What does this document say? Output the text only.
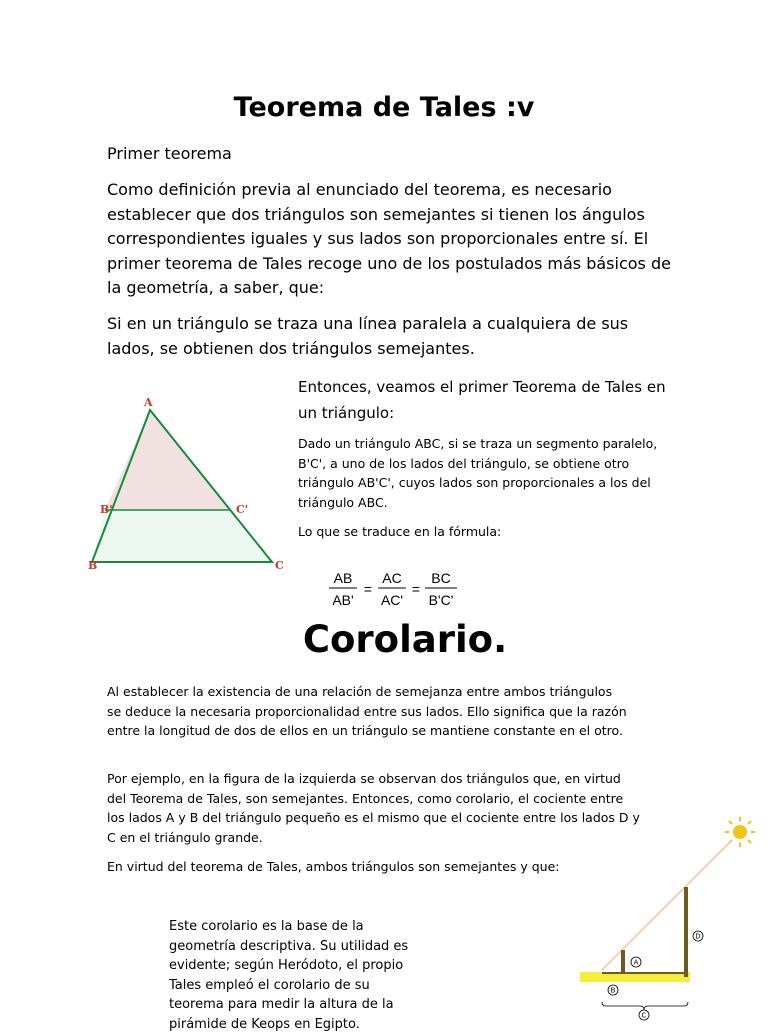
Teorema de Tales :v
Primer teorema
Como definición previa al enunciado del teorema, es necesario establecer que dos triángulos son semejantes si tienen los ángulos correspondientes iguales y sus lados son proporcionales entre sí. El primer teorema de Tales recoge uno de los postulados más básicos de la geometría, a saber, que:
Si en un triángulo se traza una línea paralela a cualquiera de sus lados, se obtienen dos triángulos semejantes.
A
B'	C'
B	C
Entonces, veamos el primer Teorema de Tales en un triángulo:
Dado un triángulo ABC, si se traza un segmento paralelo, B'C', a uno de los lados del triángulo, se obtiene otro triángulo AB'C', cuyos lados son proporcionales a los del triángulo ABC.
Lo que se traduce en la fórmula:
AB
AB'
=
AC
AC'
=
BC
B'C'
Corolario.
Al establecer la existencia de una relación de semejanza entre ambos triángulos se deduce la necesaria proporcionalidad entre sus lados. Ello significa que la razón entre la longitud de dos de ellos en un triángulo se mantiene constante en el otro.
Por ejemplo, en la figura de la izquierda se observan dos triángulos que, en virtud del Teorema de Tales, son semejantes. Entonces, como corolario, el cociente entre los lados A y B del triángulo pequeño es el mismo que el cociente entre los lados D y C en el triángulo grande.
En virtud del teorema de Tales, ambos triángulos son semejantes y que:
Este corolario es la base de la geometría descriptiva. Su utilidad es evidente; según Heródoto, el propio Tales empleó el corolario de su teorema para medir la altura de la pirámide de Keops en Egipto.
A
B
D
C
